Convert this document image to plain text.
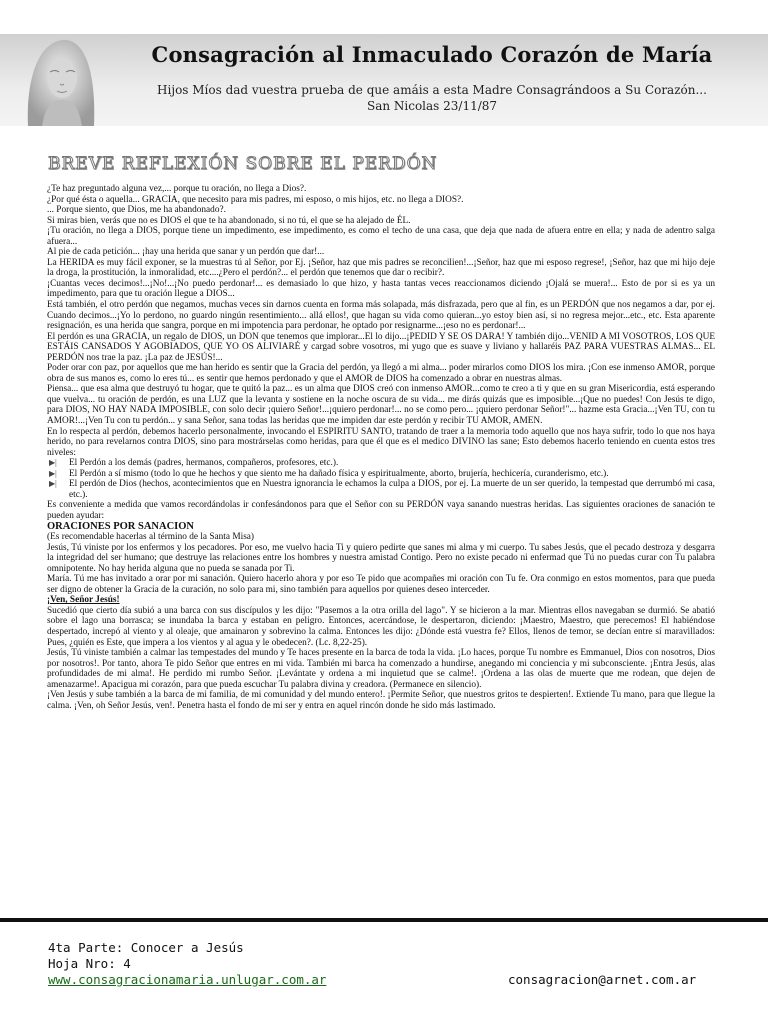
Consagración al Inmaculado Corazón de María
Hijos Míos dad vuestra prueba de que amáis a esta Madre Consagrándoos a Su Corazón...
San Nicolas 23/11/87
BREVE REFLEXIÓN SOBRE EL PERDÓN

¿Te haz preguntado alguna vez,... porque tu oración, no llega a Dios?.

¿Por qué ésta o aquella... GRACIA, que necesito para mis padres, mi esposo, o mis hijos, etc. no llega a DIOS?.

... Porque siento, que Dios, me ha abandonado?.

Si miras bien, verás que no es DIOS el que te ha abandonado, si no tú, el que se ha alejado de ÉL.

¡Tu oración, no llega a DIOS, porque tiene un impedimento, ese impedimento, es como el techo de una casa, que deja que nada de afuera entre en ella; y nada de adentro salga afuera...

Al pie de cada petición... ¡hay una herida que sanar y un perdón que dar!...

La HERIDA es muy fácil exponer, se la muestras tú al Señor, por Ej. ¡Señor, haz que mis padres se reconcilien!...¡Señor, haz que mi esposo regrese!, ¡Señor, haz que mi hijo deje la droga, la prostitución, la inmoralidad, etc....¿Pero el perdón?... el perdón que tenemos que dar o recibir?.

¡Cuantas veces decimos!...¡No!...¡No puedo perdonar!... es demasiado lo que hizo, y hasta tantas veces reaccionamos diciendo ¡Ojalá se muera!... Esto de por si es ya un impedimento, para que tu oración llegue a DIOS...

Está también, el otro perdón que negamos, muchas veces sin darnos cuenta en forma más solapada, más disfrazada, pero que al fin, es un PERDÓN que nos negamos a dar, por ej. Cuando decimos...¡Yo lo perdono, no guardo ningún resentimiento... allá ellos!, que hagan su vida como quieran...yo estoy bien así, si no regresa mejor...etc., etc. Esta aparente resignación, es una herida que sangra, porque en mi impotencia para perdonar, he optado por resignarme...¡eso no es perdonar!...

El perdón es una GRACIA, un regalo de DIOS, un DON que tenemos que implorar...El lo dijo...¡PEDID Y SE OS DARA! Y también dijo...VENID A MI VOSOTROS, LOS QUE ESTÁIS CANSADOS Y AGOBIADOS, QUE YO OS ALIVIARÉ y cargad sobre vosotros, mi yugo que es suave y liviano y hallaréis PAZ PARA VUESTRAS ALMAS... EL PERDÓN nos trae la paz. ¡La paz de JESÚS!...

Poder orar con paz, por aquellos que me han herido es sentir que la Gracia del perdón, ya llegó a mi alma... poder mirarlos como DIOS los mira. ¡Con ese inmenso AMOR, porque obra de sus manos es, como lo eres tú... es sentir que hemos perdonado y que el AMOR de DIOS ha comenzado a obrar en nuestras almas.

Piensa... que esa alma que destruyó tu hogar, que te quitó la paz... es un alma que DIOS creó con inmenso AMOR...como te creo a ti y que en su gran Misericordia, está esperando que vuelva... tu oración de perdón, es una LUZ que la levanta y sostiene en la noche oscura de su vida... me dirás quizás que es imposible...¡Que no puedes! Con Jesús te digo, para DIOS, NO HAY NADA IMPOSIBLE, con solo decir ¡quiero Señor!...¡quiero perdonar!... no se como pero... ¡quiero perdonar Señor!"... hazme esta Gracia...¡Ven TU, con tu AMOR!...¡Ven Tu con tu perdón... y sana Señor, sana todas las heridas que me impiden dar este perdón y recibir TU AMOR, AMEN.

En lo respecta al perdón, debemos hacerlo personalmente, invocando el ESPIRITU SANTO, tratando de traer a la memoria todo aquello que nos haya sufrir, todo lo que nos haya herido, no para revelarnos contra DIOS, sino para mostrárselas como heridas, para que él que es el medico DIVINO las sane; Esto debemos hacerlo teniendo en cuenta estos tres niveles:

▶| El Perdón a los demás (padres, hermanos, compañeros, profesores, etc.).
▶| El Perdón a sí mismo (todo lo que he hechos y que siento me ha dañado física y espiritualmente, aborto, brujería, hechicería, curanderismo, etc.).
▶| El perdón de Dios (hechos, acontecimientos que en Nuestra ignorancia le echamos la culpa a DIOS, por ej. La muerte de un ser querido, la tempestad que derrumbó mi casa, etc.).

Es conveniente a medida que vamos recordándolas ir confesándonos para que el Señor con su PERDÓN vaya sanando nuestras heridas. Las siguientes oraciones de sanación te pueden ayudar:

ORACIONES POR SANACION

(Es recomendable hacerlas al término de la Santa Misa)

Jesús, Tú viniste por los enfermos y los pecadores. Por eso, me vuelvo hacia Ti y quiero pedirte que sanes mi alma y mi cuerpo. Tu sabes Jesús, que el pecado destroza y desgarra la integridad del ser humano; que destruye las relaciones entre los hombres y nuestra amistad Contigo. Pero no existe pecado ni enfermad que Tú no puedas curar con Tu palabra omnipotente. No hay herida alguna que no pueda se sanada por Ti.

María. Tú me has invitado a orar por mi sanación. Quiero hacerlo ahora y por eso Te pido que acompañes mi oración con Tu fe. Ora conmigo en estos momentos, para que pueda ser digno de obtener la Gracia de la curación, no solo para mi, sino también para aquellos por quienes deseo interceder.

¡Ven, Señor Jesús!

Sucedió que cierto día subió a una barca con sus discípulos y les dijo: "Pasemos a la otra orilla del lago". Y se hicieron a la mar. Mientras ellos navegaban se durmió. Se abatió sobre el lago una borrasca; se inundaba la barca y estaban en peligro. Entonces, acercándose, le despertaron, diciendo: ¡Maestro, Maestro, que perecemos! El habiéndose despertado, increpó al viento y al oleaje, que amainaron y sobrevino la calma. Entonces les dijo: ¿Dónde está vuestra fe? Ellos, llenos de temor, se decían entre sí maravillados: Pues, ¿quién es Este, que impera a los vientos y al agua y le obedecen?. (Lc. 8,22-25).

Jesús, Tú viniste también a calmar las tempestades del mundo y Te haces presente en la barca de toda la vida. ¡Lo haces, porque Tu nombre es Emmanuel, Dios con nosotros, Dios por nosotros!. Por tanto, ahora Te pido Señor que entres en mi vida. También mi barca ha comenzado a hundirse, anegando mi conciencia y mi subconsciente. ¡Entra Jesús, alas profundidades de mi alma!. He perdido mi rumbo Señor. ¡Levántate y ordena a mi inquietud que se calme!. ¡Ordena a las olas de muerte que me rodean, que dejen de amenazarme!. Apacigua mi corazón, para que pueda escuchar Tu palabra divina y creadora. (Permanece en silencio).

¡Ven Jesús y sube también a la barca de mi familia, de mi comunidad y del mundo entero!. ¡Permite Señor, que nuestros gritos te despierten!. Extiende Tu mano, para que llegue la calma. ¡Ven, oh Señor Jesús, ven!. Penetra hasta el fondo de mi ser y entra en aquel rincón donde he sido más lastimado.

4ta Parte: Conocer a Jesús
Hoja Nro: 4
www.consagracionamaria.unlugar.com.ar	consagracion@arnet.com.ar
